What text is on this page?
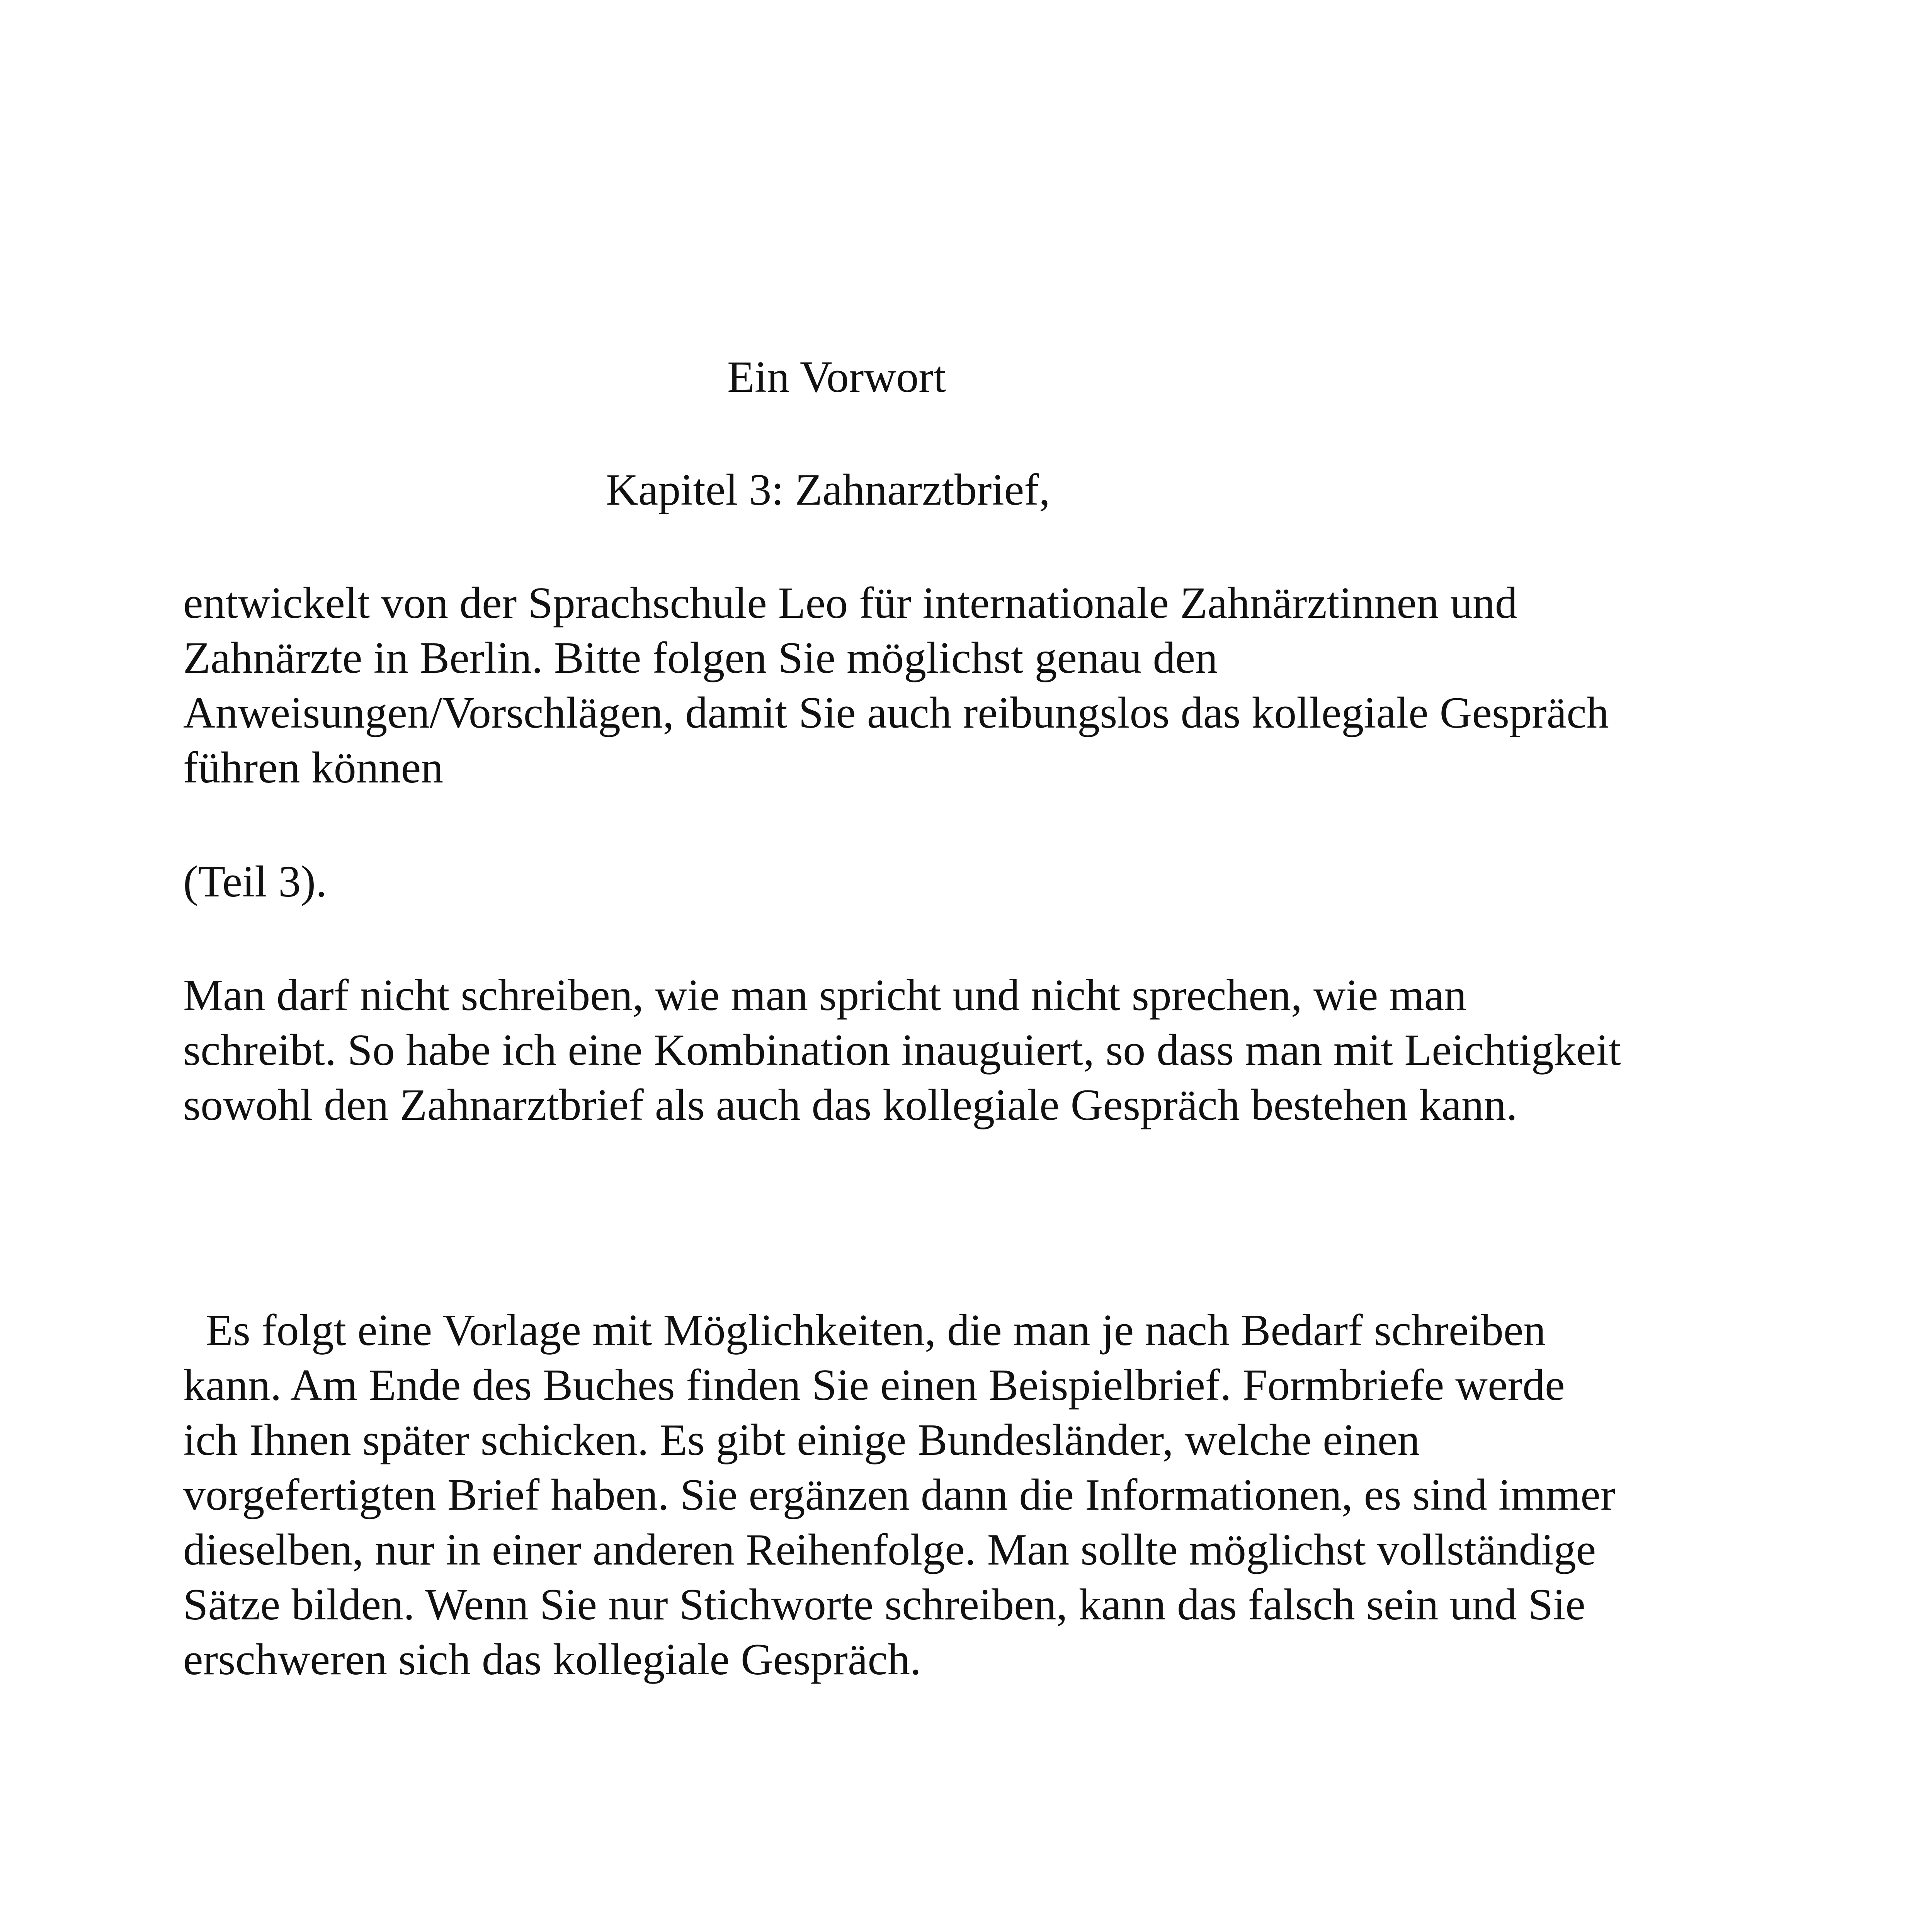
Ein Vorwort
Kapitel 3: Zahnarztbrief,

entwickelt von der Sprachschule Leo für internationale Zahnärztinnen und
Zahnärzte in Berlin. Bitte folgen Sie möglichst genau den
Anweisungen/Vorschlägen, damit Sie auch reibungslos das kollegiale Gespräch
führen können

(Teil 3).

Man darf nicht schreiben, wie man spricht und nicht sprechen, wie man
schreibt. So habe ich eine Kombination inauguiert, so dass man mit Leichtigkeit
sowohl den Zahnarztbrief als auch das kollegiale Gespräch bestehen kann.

Es folgt eine Vorlage mit Möglichkeiten, die man je nach Bedarf schreiben
kann. Am Ende des Buches finden Sie einen Beispielbrief. Formbriefe werde
ich Ihnen später schicken. Es gibt einige Bundesländer, welche einen
vorgefertigten Brief haben. Sie ergänzen dann die Informationen, es sind immer
dieselben, nur in einer anderen Reihenfolge. Man sollte möglichst vollständige
Sätze bilden. Wenn Sie nur Stichworte schreiben, kann das falsch sein und Sie
erschweren sich das kollegiale Gespräch.
